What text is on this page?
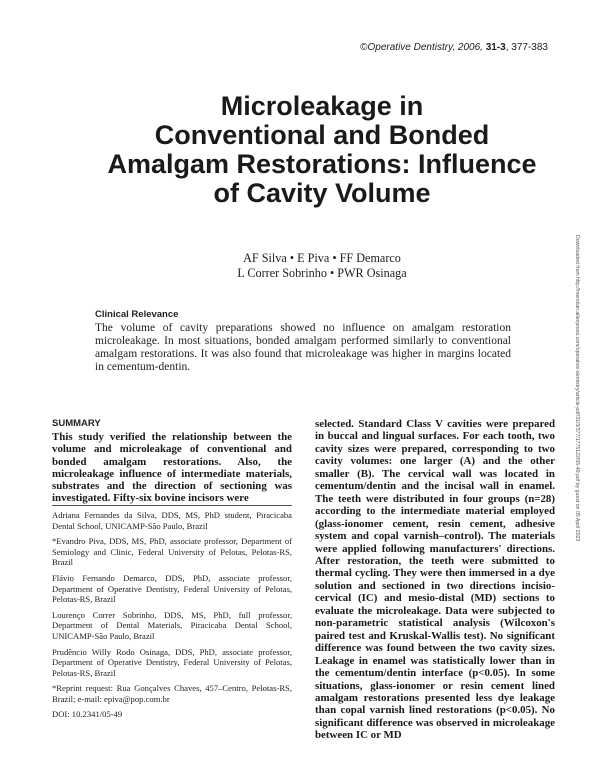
©Operative Dentistry, 2006, 31-3, 377-383
Microleakage in
Conventional and Bonded
Amalgam Restorations: Influence
of Cavity Volume
AF Silva • E Piva • FF Demarco
L Correr Sobrinho • PWR Osinaga
Clinical Relevance
The volume of cavity preparations showed no influence on amalgam restoration microleakage. In most situations, bonded amalgam performed similarly to conventional amalgam restorations. It was also found that microleakage was higher in margins located in cementum-dentin.
SUMMARY
This study verified the relationship between the volume and microleakage of conventional and bonded amalgam restorations. Also, the microleakage influence of intermediate materials, substrates and the direction of sectioning was investigated. Fifty-six bovine incisors were

Adriana Fernandes da Silva, DDS, MS, PhD student, Piracicaba Dental School, UNICAMP-São Paulo, Brazil

*Evandro Piva, DDS, MS, PhD, associate professor, Department of Semiology and Clinic, Federal University of Pelotas, Pelotas-RS, Brazil

Flávio Fernando Demarco, DDS, PhD, associate professor, Department of Operative Dentistry, Federal University of Pelotas, Pelotas-RS, Brazil

Lourenço Correr Sobrinho, DDS, MS, PhD, full professor, Department of Dental Materials, Piracicaba Dental School, UNICAMP-São Paulo, Brazil

Prudêncio Willy Rodo Osinaga, DDS, PhD, associate professor, Department of Operative Dentistry, Federal University of Pelotas, Pelotas-RS, Brazil

*Reprint request: Rua Gonçalves Chaves, 457–Centro, Pelotas-RS, Brazil; e-mail: epiva@pop.com.br

DOI: 10.2341/05-49

selected. Standard Class V cavities were prepared in buccal and lingual surfaces. For each tooth, two cavity sizes were prepared, corresponding to two cavity volumes: one larger (A) and the other smaller (B). The cervical wall was located in cementum/dentin and the incisal wall in enamel. The teeth were distributed in four groups (n=28) according to the intermediate material employed (glass-ionomer cement, resin cement, adhesive system and copal varnish–control). The materials were applied following manufacturers' directions. After restoration, the teeth were submitted to thermal cycling. They were then immersed in a dye solution and sectioned in two directions incisio-cervical (IC) and mesio-distal (MD) sections to evaluate the microleakage. Data were subjected to non-parametric statistical analysis (Wilcoxon's paired test and Kruskal-Wallis test). No significant difference was found between the two cavity sizes. Leakage in enamel was statistically lower than in the cementum/dentin interface (p<0.05). In some situations, glass-ionomer or resin cement lined amalgam restorations presented less dye leakage than copal varnish lined restorations (p<0.05). No significant difference was observed in microleakage between IC or MD
Downloaded from http://meridian.allenpress.com/operative-dentistry/article-pdf/31/3/377/1775122/05-49.pdf by guest on 05 April 2023
